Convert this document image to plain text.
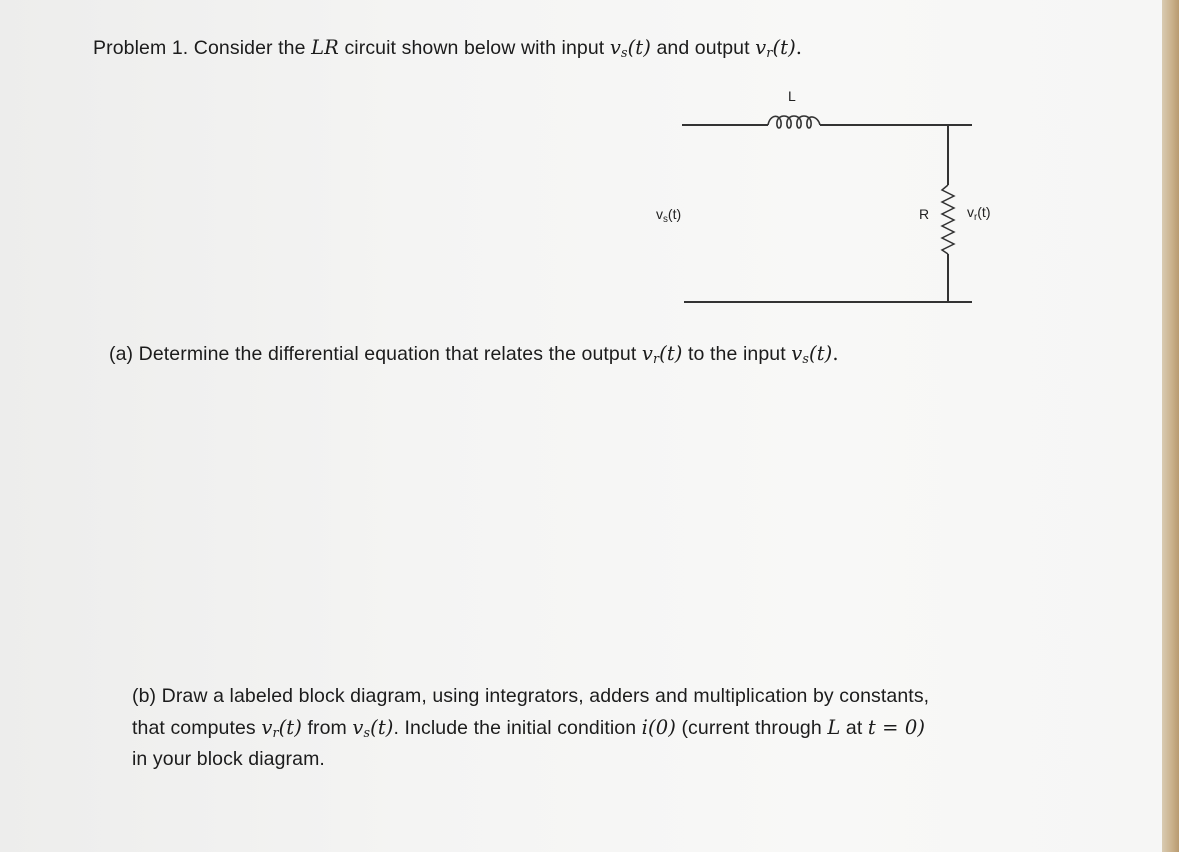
Problem 1. Consider the LR circuit shown below with input $v_s(t)$ and output $v_r(t)$.
L
$v_s(t)$	R	$v_r(t)$
(a) Determine the differential equation that relates the output $v_r(t)$ to the input $v_s(t)$.
(b) Draw a labeled block diagram, using integrators, adders and multiplication by constants,
that computes $v_r(t)$ from $v_s(t)$. Include the initial condition i(0) (current through L at t = 0)
in your block diagram.
